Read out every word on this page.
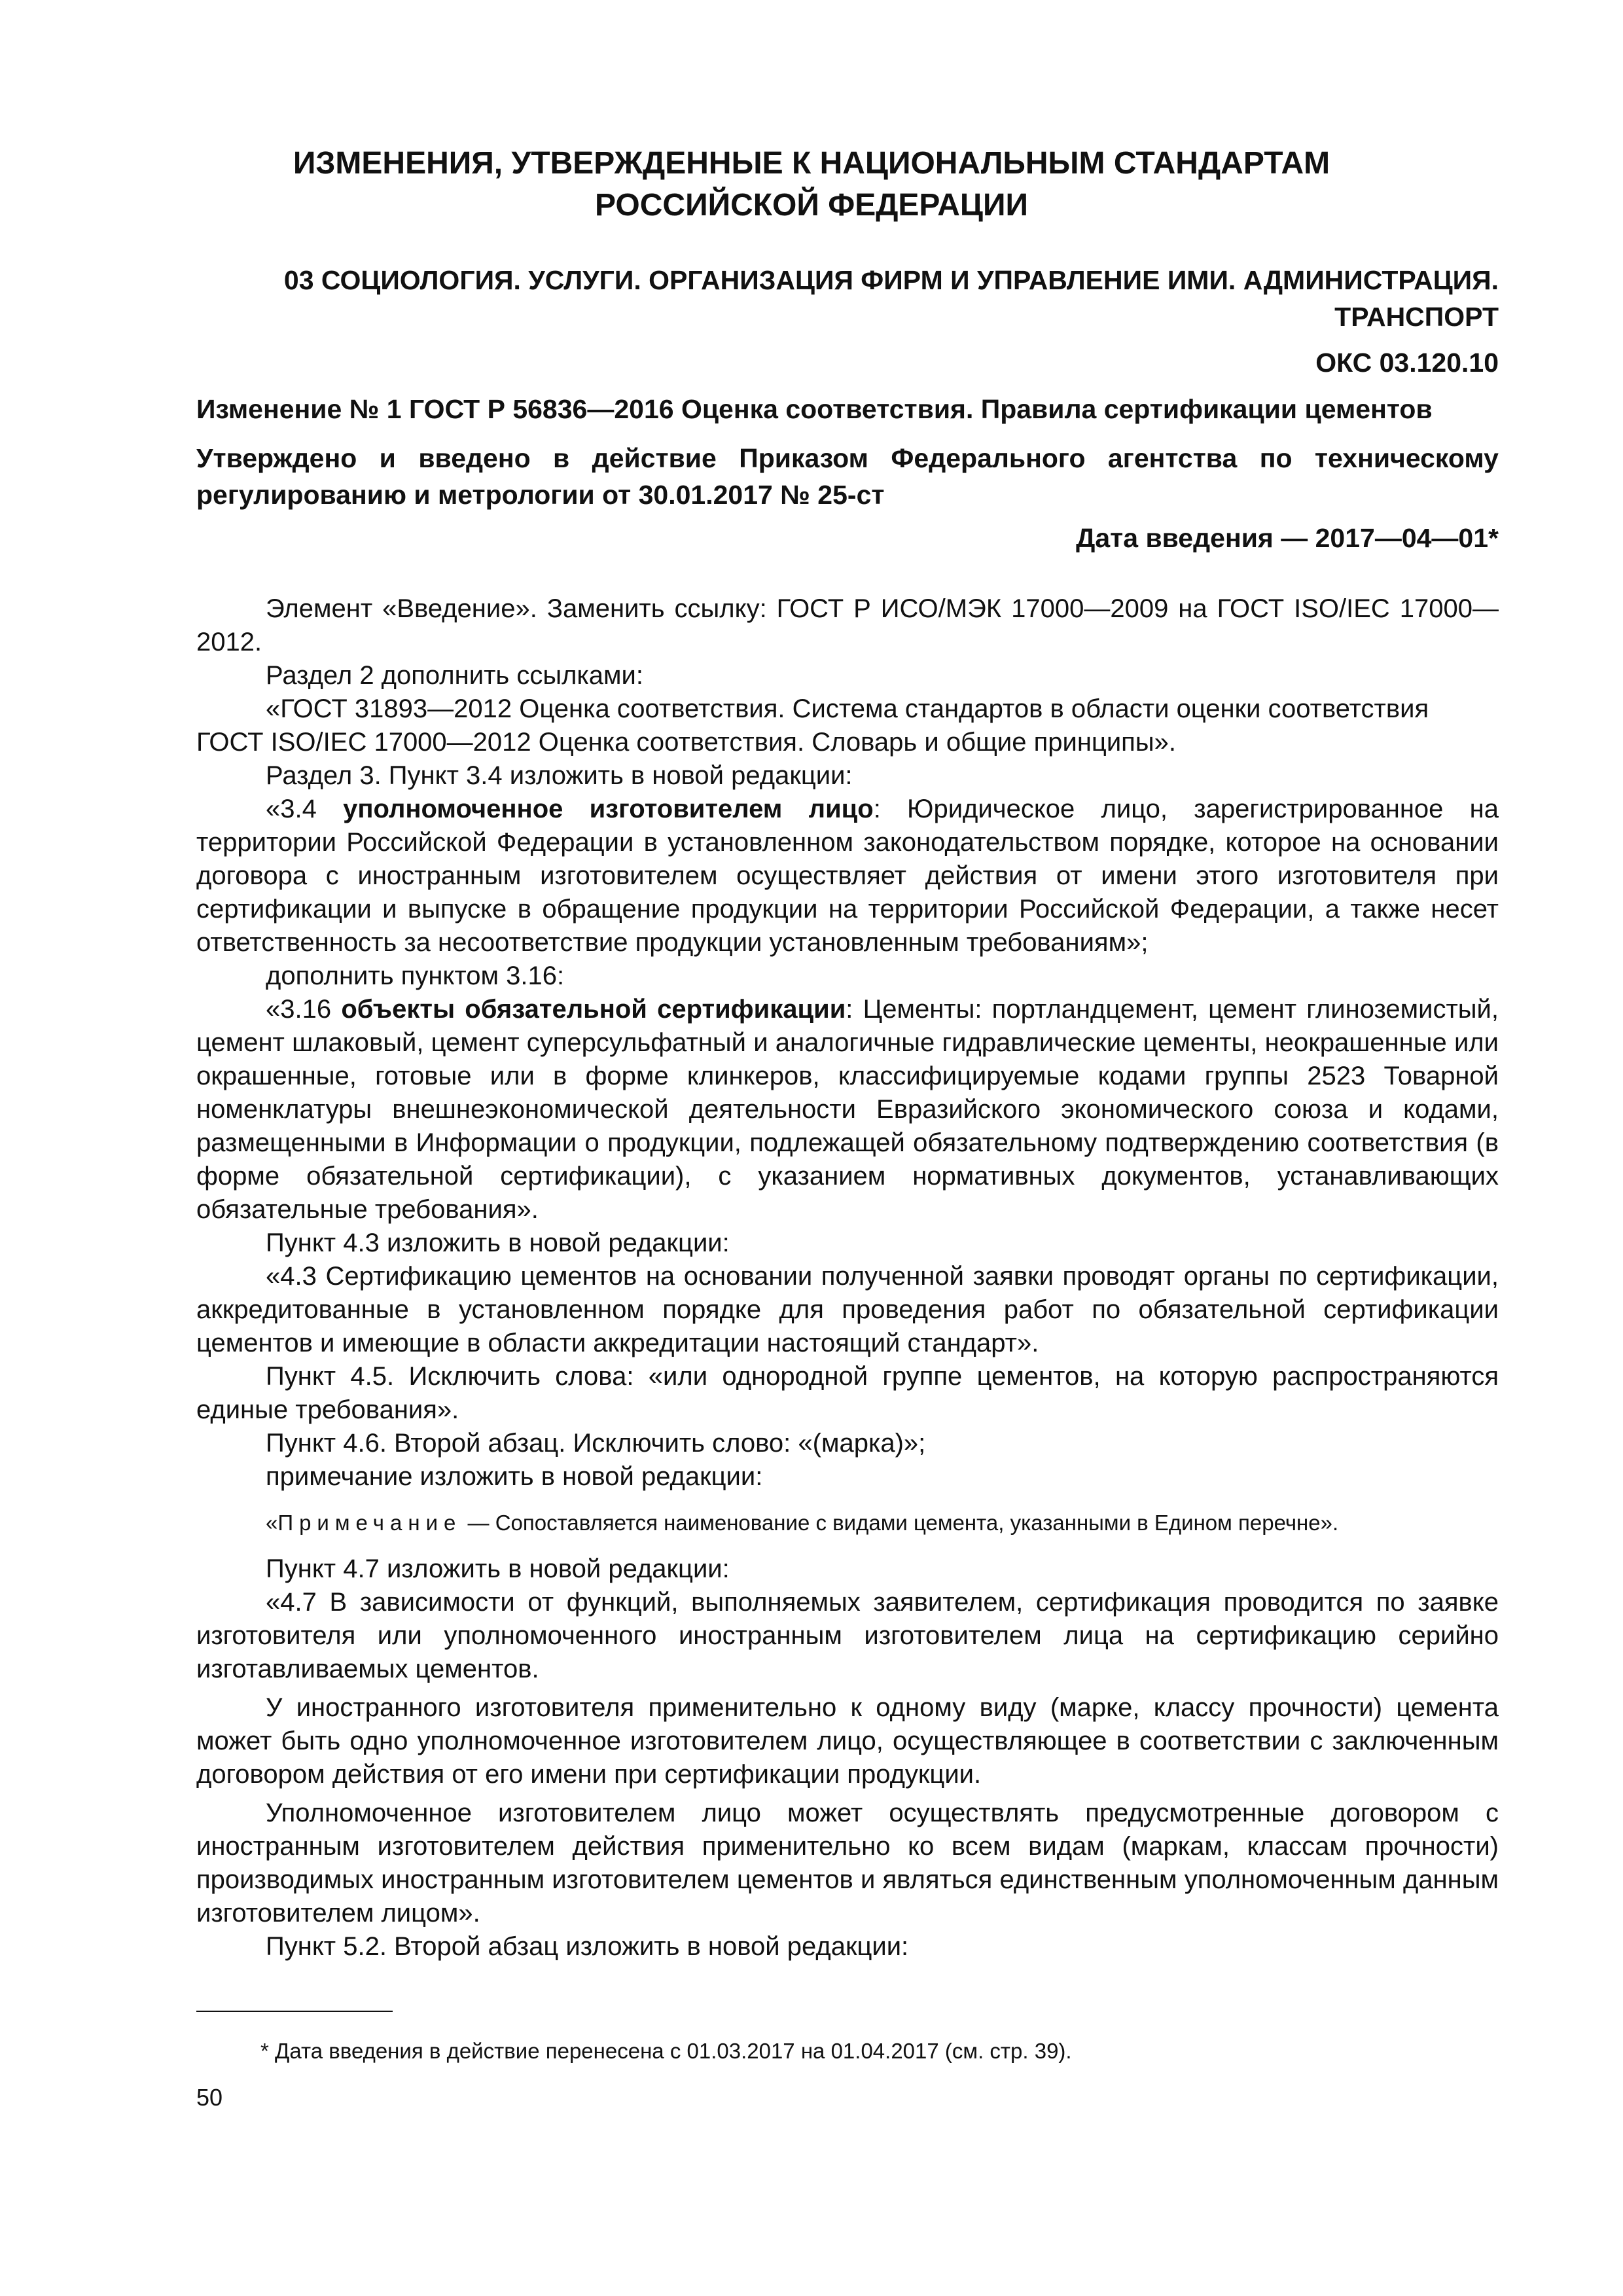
ИЗМЕНЕНИЯ, УТВЕРЖДЕННЫЕ К НАЦИОНАЛЬНЫМ СТАНДАРТАМ
РОССИЙСКОЙ ФЕДЕРАЦИИ
03 СОЦИОЛОГИЯ. УСЛУГИ. ОРГАНИЗАЦИЯ ФИРМ И УПРАВЛЕНИЕ ИМИ. АДМИНИСТРАЦИЯ.
ТРАНСПОРТ
ОКС 03.120.10
Изменение № 1 ГОСТ Р 56836—2016 Оценка соответствия. Правила сертификации цементов
Утверждено и введено в действие Приказом Федерального агентства по техническому регулированию и метрологии от 30.01.2017 № 25-ст
Дата введения — 2017—04—01*

Элемент «Введение». Заменить ссылку: ГОСТ Р ИСО/МЭК 17000—2009 на ГОСТ ISO/IEC 17000—2012.

Раздел 2 дополнить ссылками:

«ГОСТ 31893—2012 Оценка соответствия. Система стандартов в области оценки соответствия

ГОСТ ISO/IEC 17000—2012 Оценка соответствия. Словарь и общие принципы».

Раздел 3. Пункт 3.4 изложить в новой редакции:

«3.4 уполномоченное изготовителем лицо: Юридическое лицо, зарегистрированное на территории Российской Федерации в установленном законодательством порядке, которое на основании договора с иностранным изготовителем осуществляет действия от имени этого изготовителя при сертификации и выпуске в обращение продукции на территории Российской Федерации, а также несет ответственность за несоответствие продукции установленным требованиям»;

дополнить пунктом 3.16:

«3.16 объекты обязательной сертификации: Цементы: портландцемент, цемент глиноземистый, цемент шлаковый, цемент суперсульфатный и аналогичные гидравлические цементы, неокрашенные или окрашенные, готовые или в форме клинкеров, классифицируемые кодами группы 2523 Товарной номенклатуры внешнеэкономической деятельности Евразийского экономического союза и кодами, размещенными в Информации о продукции, подлежащей обязательному подтверждению соответствия (в форме обязательной сертификации), с указанием нормативных документов, устанавливающих обязательные требования».

Пункт 4.3 изложить в новой редакции:

«4.3 Сертификацию цементов на основании полученной заявки проводят органы по сертификации, аккредитованные в установленном порядке для проведения работ по обязательной сертификации цементов и имеющие в области аккредитации настоящий стандарт».

Пункт 4.5. Исключить слова: «или однородной группе цементов, на которую распространяются единые требования».

Пункт 4.6. Второй абзац. Исключить слово: «(марка)»;

примечание изложить в новой редакции:

«Примечание — Сопоставляется наименование с видами цемента, указанными в Едином перечне».

Пункт 4.7 изложить в новой редакции:

«4.7 В зависимости от функций, выполняемых заявителем, сертификация проводится по заявке изготовителя или уполномоченного иностранным изготовителем лица на сертификацию серийно изготавливаемых цементов.

У иностранного изготовителя применительно к одному виду (марке, классу прочности) цемента может быть одно уполномоченное изготовителем лицо, осуществляющее в соответствии с заключенным договором действия от его имени при сертификации продукции.

Уполномоченное изготовителем лицо может осуществлять предусмотренные договором с иностранным изготовителем действия применительно ко всем видам (маркам, классам прочности) производимых иностранным изготовителем цементов и являться единственным уполномоченным данным изготовителем лицом».

Пункт 5.2. Второй абзац изложить в новой редакции:

* Дата введения в действие перенесена с 01.03.2017 на 01.04.2017 (см. стр. 39).
50
